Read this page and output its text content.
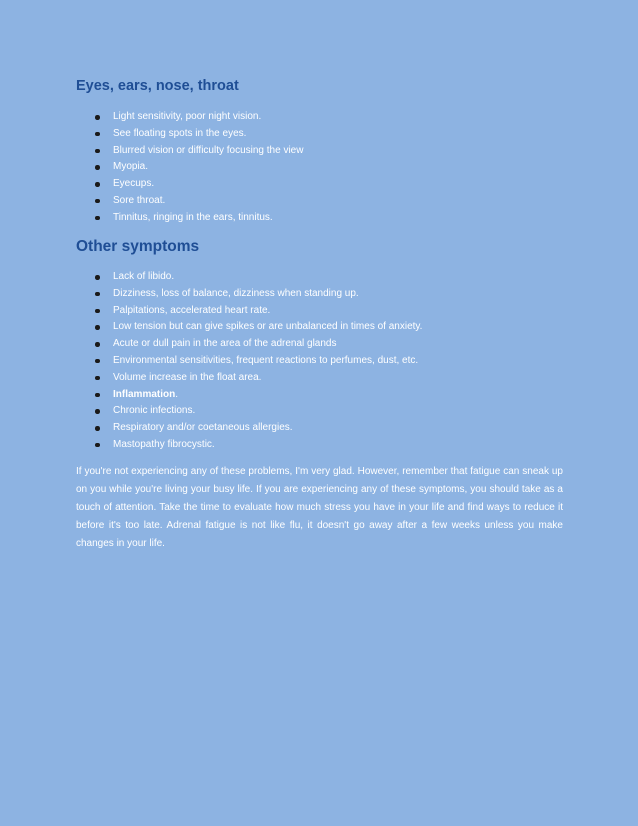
Eyes, ears, nose, throat
Light sensitivity, poor night vision.
See floating spots in the eyes.
Blurred vision or difficulty focusing the view
Myopia.
Eyecups.
Sore throat.
Tinnitus, ringing in the ears, tinnitus.
Other symptoms
Lack of libido.
Dizziness, loss of balance, dizziness when standing up.
Palpitations, accelerated heart rate.
Low tension but can give spikes or are unbalanced in times of anxiety.
Acute or dull pain in the area of the adrenal glands
Environmental sensitivities, frequent reactions to perfumes, dust, etc.
Volume increase in the float area.
Inflammation.
Chronic infections.
Respiratory and/or coetaneous allergies.
Mastopathy fibrocystic.

If you're not experiencing any of these problems, I'm very glad. However, remember that fatigue can sneak up on you while you're living your busy life. If you are experiencing any of these symptoms, you should take as a touch of attention. Take the time to evaluate how much stress you have in your life and find ways to reduce it before it's too late. Adrenal fatigue is not like flu, it doesn't go away after a few weeks unless you make changes in your life.
